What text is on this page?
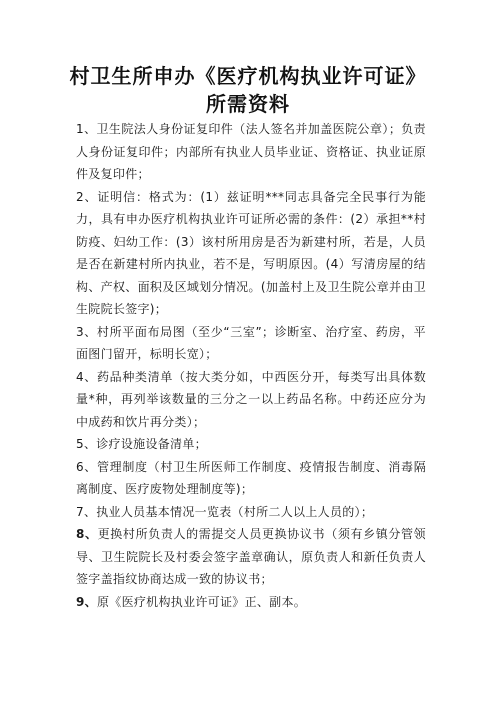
村卫生所申办《医疗机构执业许可证》
所需资料

1、卫生院法人身份证复印件（法人签名并加盖医院公章）；负责人身份证复印件；内部所有执业人员毕业证、资格证、执业证原件及复印件；

2、证明信：格式为：(1）兹证明***同志具备完全民事行为能力，具有申办医疗机构执业许可证所必需的条件：(2）承担**村防疫、妇幼工作：(3）该村所用房是否为新建村所，若是，人员是否在新建村所内执业，若不是，写明原因。(4）写清房屋的结构、产权、面积及区域划分情况。(加盖村上及卫生院公章并由卫生院院长签字)；

3、村所平面布局图（至少“三室”；诊断室、治疗室、药房，平面图门留开，标明长宽）；

4、药品种类清单（按大类分如，中西医分开，每类写出具体数量*种，再列举该数量的三分之一以上药品名称。中药还应分为中成药和饮片再分类）；

5、诊疗设施设备清单；

6、管理制度（村卫生所医师工作制度、疫情报告制度、消毒隔离制度、医疗废物处理制度等)；

7、执业人员基本情况一览表（村所二人以上人员的）；

8、更换村所负责人的需提交人员更换协议书（须有乡镇分管领导、卫生院院长及村委会签字盖章确认，原负责人和新任负责人签字盖指纹协商达成一致的协议书；

9、原《医疗机构执业许可证》正、副本。
